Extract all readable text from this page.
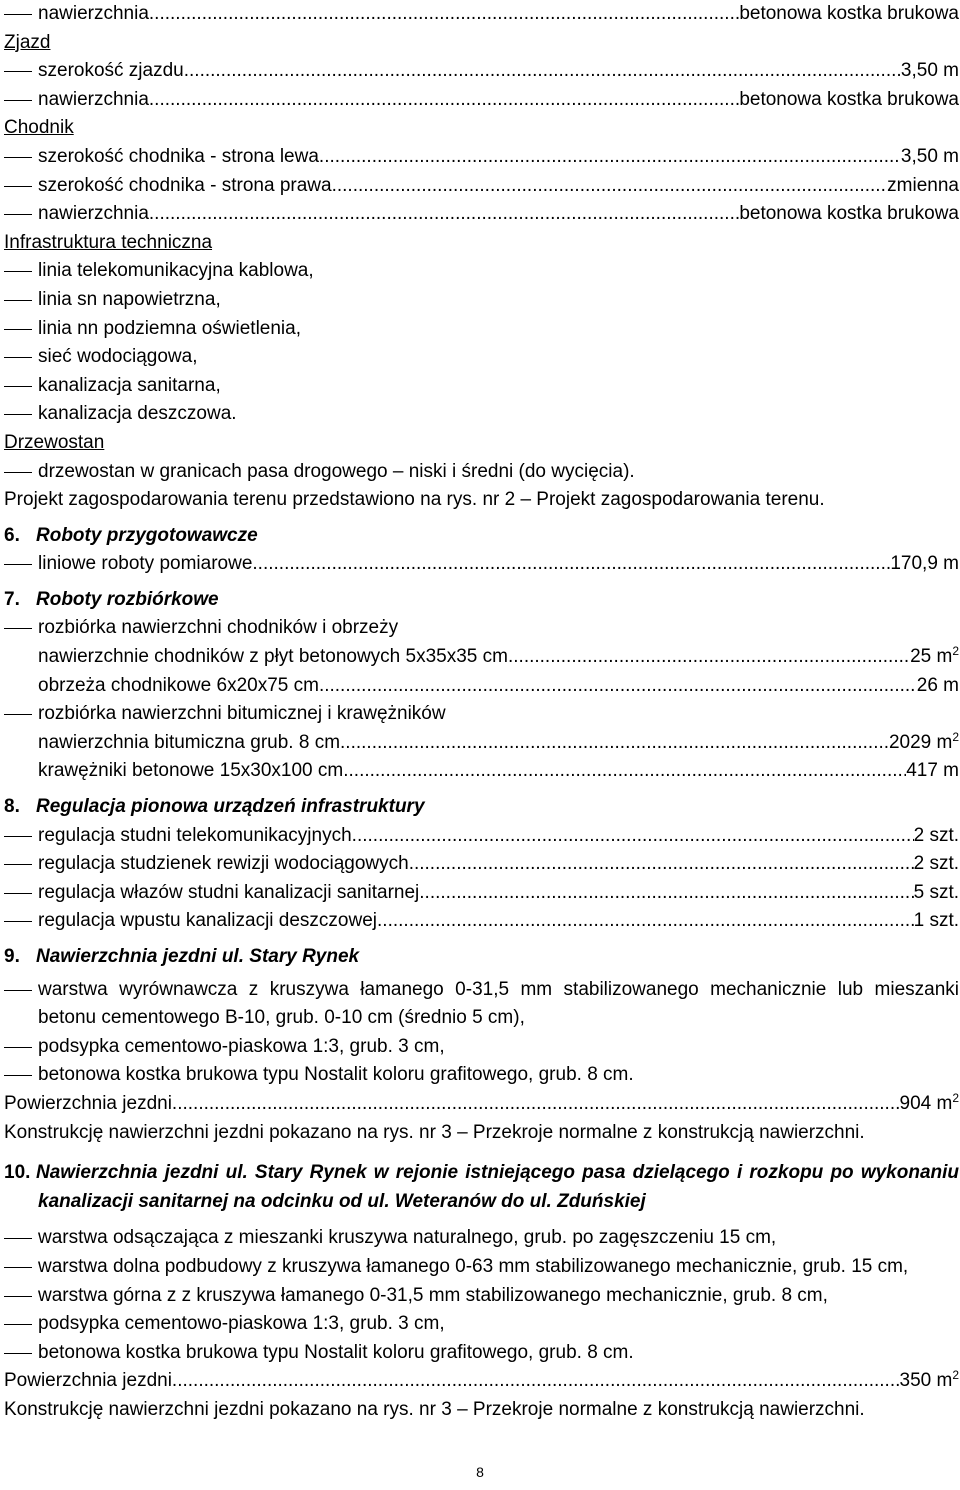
nawierzchnia .....	betonowa kostka brukowa
Zjazd
szerokość zjazdu .....	3,50 m
nawierzchnia .....	betonowa kostka brukowa
Chodnik
szerokość chodnika - strona lewa .....	3,50 m
szerokość chodnika - strona prawa .....	zmienna
nawierzchnia .....	betonowa kostka brukowa
Infrastruktura techniczna
linia telekomunikacyjna kablowa,
linia sn napowietrzna,
linia nn podziemna oświetlenia,
sieć wodociągowa,
kanalizacja sanitarna,
kanalizacja deszczowa.
Drzewostan
drzewostan w granicach pasa drogowego – niski i średni (do wycięcia).
Projekt zagospodarowania terenu przedstawiono na rys. nr 2 – Projekt zagospodarowania terenu.
6. Roboty przygotowawcze
liniowe roboty pomiarowe .....	170,9 m
7. Roboty rozbiórkowe
rozbiórka nawierzchni chodników i obrzeży
nawierzchnie chodników z płyt betonowych 5x35x35 cm .....	25 $m^2$
obrzeża chodnikowe 6x20x75 cm .....	26 m
rozbiórka nawierzchni bitumicznej i krawężników
nawierzchnia bitumiczna grub. 8 cm .....	2029 $m^2$
krawężniki betonowe 15x30x100 cm .....	417 m
8. Regulacja pionowa urządzeń infrastruktury
regulacja studni telekomunikacyjnych .....	2 szt.
regulacja studzienek rewizji wodociągowych .....	2 szt.
regulacja włazów studni kanalizacji sanitarnej .....	5 szt.
regulacja wpustu kanalizacji deszczowej .....	1 szt.
9. Nawierzchnia jezdni ul. Stary Rynek
warstwa wyrównawcza z kruszywa łamanego 0-31,5 mm stabilizowanego mechanicznie lub mieszanki betonu cementowego B-10, grub. 0-10 cm (średnio 5 cm),
podsypka cementowo-piaskowa 1:3, grub. 3 cm,
betonowa kostka brukowa typu Nostalit koloru grafitowego, grub. 8 cm.
Powierzchnia jezdni .....	904 $m^2$
Konstrukcję nawierzchni jezdni pokazano na rys. nr 3 – Przekroje normalne z konstrukcją nawierzchni.
10. Nawierzchnia jezdni ul. Stary Rynek w rejonie istniejącego pasa dzielącego i rozkopu po wykonaniu kanalizacji sanitarnej na odcinku od ul. Weteranów do ul. Zduńskiej
warstwa odsączająca z mieszanki kruszywa naturalnego, grub. po zagęszczeniu 15 cm,
warstwa dolna podbudowy z kruszywa łamanego 0-63 mm stabilizowanego mechanicznie, grub. 15 cm,
warstwa górna z z kruszywa łamanego 0-31,5 mm stabilizowanego mechanicznie, grub. 8 cm,
podsypka cementowo-piaskowa 1:3, grub. 3 cm,
betonowa kostka brukowa typu Nostalit koloru grafitowego, grub. 8 cm.
Powierzchnia jezdni .....	350 $m^2$
Konstrukcję nawierzchni jezdni pokazano na rys. nr 3 – Przekroje normalne z konstrukcją nawierzchni.
8
